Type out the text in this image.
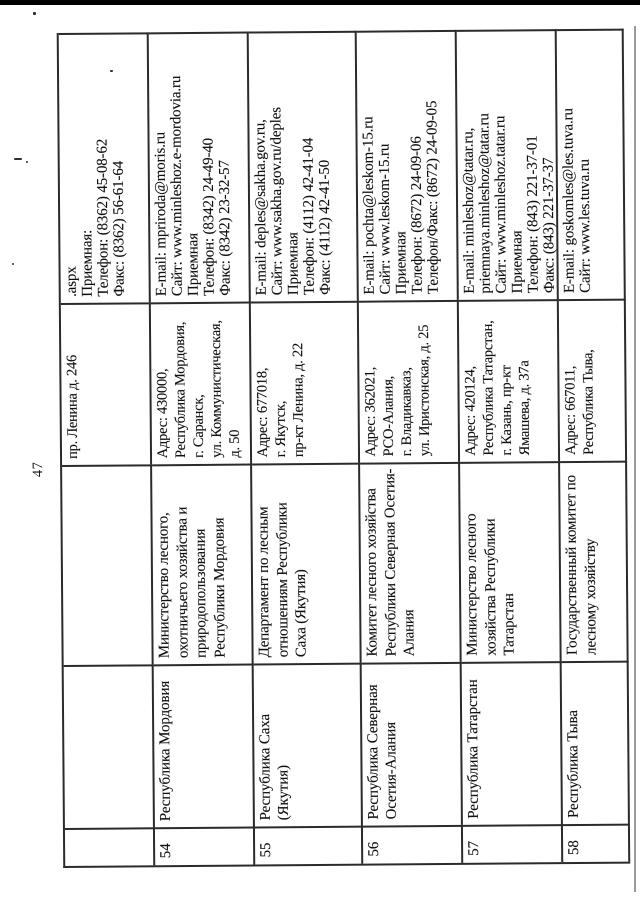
47
пр. Ленина д. 246
.aspx
Приемная:
Телефон: (8362) 45-08-62
Факс: (8362) 56-61-64
54
Республика Мордовия
Министерство лесного,
охотничьего хозяйства и
природопользования
Республики Мордовия
Адрес: 430000,
Республика Мордовия,
г. Саранск,
ул. Коммунистическая,
д. 50
E-mail: mpriroda@moris.ru
Сайт: www.minleshoz.e-mordovia.ru
Приемная
Телефон: (8342) 24-49-40
Факс: (8342) 23-32-57
55
Республика Саха
(Якутия)
Департамент по лесным
отношениям Республики
Саха (Якутия)
Адрес: 677018,
г. Якутск,
пр-кт Ленина, д. 22
E-mail: deples@sakha.gov.ru,
Сайт: www.sakha.gov.ru/deples
Приемная
Телефон: (4112) 42-41-04
Факс: (4112) 42-41-50
56
Республика Северная
Осетия-Алания
Комитет лесного хозяйства
Республики Северная Осетия-
Алания
Адрес: 362021,
РСО-Алания,
г. Владикавказ,
ул. Иристонская, д. 25
E-mail: pochta@leskom-15.ru
Сайт: www.leskom-15.ru
Приемная
Телефон: (8672) 24-09-06
Телефон/Факс: (8672) 24-09-05
57
Республика Татарстан
Министерство лесного
хозяйства Республики
Татарстан
Адрес: 420124,
Республика Татарстан,
г. Казань, пр-кт
Ямашева, д. 37а
E-mail: minleshoz@tatar.ru,
priemnaya.minleshoz@tatar.ru
Сайт: www.minleshoz.tatar.ru
Приемная
Телефон: (843) 221-37-01
Факс: (843) 221-37-37
58
Республика Тыва
Государственный комитет по
лесному хозяйству
Адрес: 667011,
Республика Тыва,
E-mail: goskomles@les.tuva.ru
Сайт: www.les.tuva.ru
